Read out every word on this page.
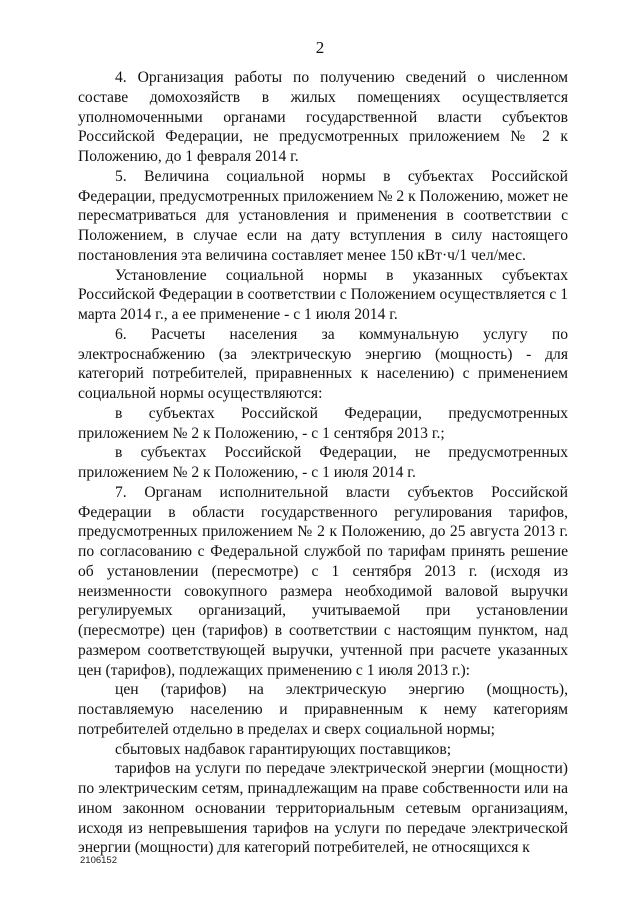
2

4. Организация работы по получению сведений о численном составе домохозяйств в жилых помещениях осуществляется уполномоченными органами государственной власти субъектов Российской Федерации, не предусмотренных приложением № 2 к Положению, до 1 февраля 2014 г.

5. Величина социальной нормы в субъектах Российской Федерации, предусмотренных приложением № 2 к Положению, может не пересматриваться для установления и применения в соответствии с Положением, в случае если на дату вступления в силу настоящего постановления эта величина составляет менее 150 кВт·ч/1 чел/мес.

Установление социальной нормы в указанных субъектах Российской Федерации в соответствии с Положением осуществляется с 1 марта 2014 г., а ее применение - с 1 июля 2014 г.

6. Расчеты населения за коммунальную услугу по электроснабжению (за электрическую энергию (мощность) - для категорий потребителей, приравненных к населению) с применением социальной нормы осуществляются:

в субъектах Российской Федерации, предусмотренных приложением № 2 к Положению, - с 1 сентября 2013 г.;

в субъектах Российской Федерации, не предусмотренных приложением № 2 к Положению, - с 1 июля 2014 г.

7. Органам исполнительной власти субъектов Российской Федерации в области государственного регулирования тарифов, предусмотренных приложением № 2 к Положению, до 25 августа 2013 г. по согласованию с Федеральной службой по тарифам принять решение об установлении (пересмотре) с 1 сентября 2013 г. (исходя из неизменности совокупного размера необходимой валовой выручки регулируемых организаций, учитываемой при установлении (пересмотре) цен (тарифов) в соответствии с настоящим пунктом, над размером соответствующей выручки, учтенной при расчете указанных цен (тарифов), подлежащих применению с 1 июля 2013 г.):

цен (тарифов) на электрическую энергию (мощность), поставляемую населению и приравненным к нему категориям потребителей отдельно в пределах и сверх социальной нормы;

сбытовых надбавок гарантирующих поставщиков;

тарифов на услуги по передаче электрической энергии (мощности) по электрическим сетям, принадлежащим на праве собственности или на ином законном основании территориальным сетевым организациям, исходя из непревышения тарифов на услуги по передаче электрической энергии (мощности) для категорий потребителей, не относящихся к

2106152
